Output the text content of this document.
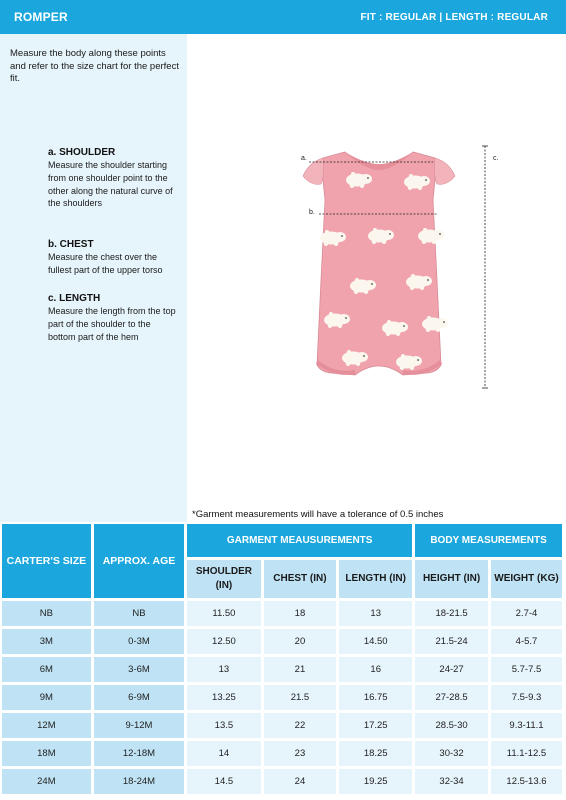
ROMPER	FIT : REGULAR | LENGTH : REGULAR
Measure the body along these points and refer to the size chart for the perfect fit.
a. SHOULDER
Measure the shoulder starting from one shoulder point to the other along the natural curve of the shoulders
b. CHEST
Measure the chest over the fullest part of the upper torso
c. LENGTH
Measure the length from the top part of the shoulder to the bottom part of the hem
a.
b.
c.
*Garment measurements will have a tolerance of 0.5 inches
CARTER'S SIZE	APPROX. AGE	GARMENT MEAUSUREMENTS			BODY MEASUREMENTS	
		SHOULDER (IN)	CHEST (IN)	LENGTH (IN)	HEIGHT (IN)	WEIGHT (KG)
NB	NB	11.50	18	13	18-21.5	2.7-4
3M	0-3M	12.50	20	14.50	21.5-24	4-5.7
6M	3-6M	13	21	16	24-27	5.7-7.5
9M	6-9M	13.25	21.5	16.75	27-28.5	7.5-9.3
12M	9-12M	13.5	22	17.25	28.5-30	9.3-11.1
18M	12-18M	14	23	18.25	30-32	11.1-12.5
24M	18-24M	14.5	24	19.25	32-34	12.5-13.6
